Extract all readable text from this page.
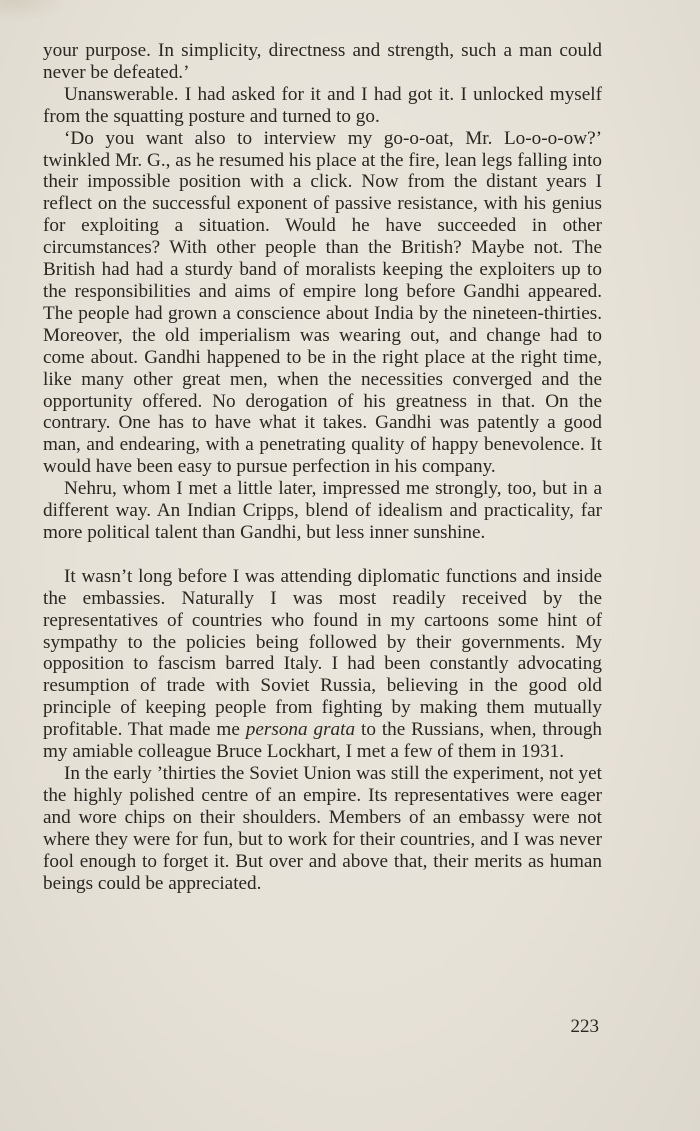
your purpose. In simplicity, directness and strength, such a man could never be defeated.’

Unanswerable. I had asked for it and I had got it. I unlocked myself from the squatting posture and turned to go.

‘Do you want also to interview my go-o-oat, Mr. Lo-o-o-ow?’ twinkled Mr. G., as he resumed his place at the fire, lean legs falling into their impossible position with a click. Now from the distant years I reflect on the successful exponent of passive resistance, with his genius for exploiting a situation. Would he have succeeded in other circumstances? With other people than the British? Maybe not. The British had had a sturdy band of moralists keeping the exploiters up to the responsibilities and aims of empire long before Gandhi appeared. The people had grown a conscience about India by the nineteen-thirties. Moreover, the old imperialism was wearing out, and change had to come about. Gandhi happened to be in the right place at the right time, like many other great men, when the necessities converged and the opportunity offered. No derogation of his greatness in that. On the contrary. One has to have what it takes. Gandhi was patently a good man, and endearing, with a penetrating quality of happy benevolence. It would have been easy to pursue perfection in his company.

Nehru, whom I met a little later, impressed me strongly, too, but in a different way. An Indian Cripps, blend of idealism and practicality, far more political talent than Gandhi, but less inner sunshine.

It wasn’t long before I was attending diplomatic functions and inside the embassies. Naturally I was most readily received by the representatives of countries who found in my cartoons some hint of sympathy to the policies being followed by their governments. My opposition to fascism barred Italy. I had been constantly advocating resumption of trade with Soviet Russia, believing in the good old principle of keeping people from fighting by making them mutually profitable. That made me persona grata to the Russians, when, through my amiable colleague Bruce Lockhart, I met a few of them in 1931.

In the early ’thirties the Soviet Union was still the experiment, not yet the highly polished centre of an empire. Its representatives were eager and wore chips on their shoulders. Members of an embassy were not where they were for fun, but to work for their countries, and I was never fool enough to forget it. But over and above that, their merits as human beings could be appreciated.

223
